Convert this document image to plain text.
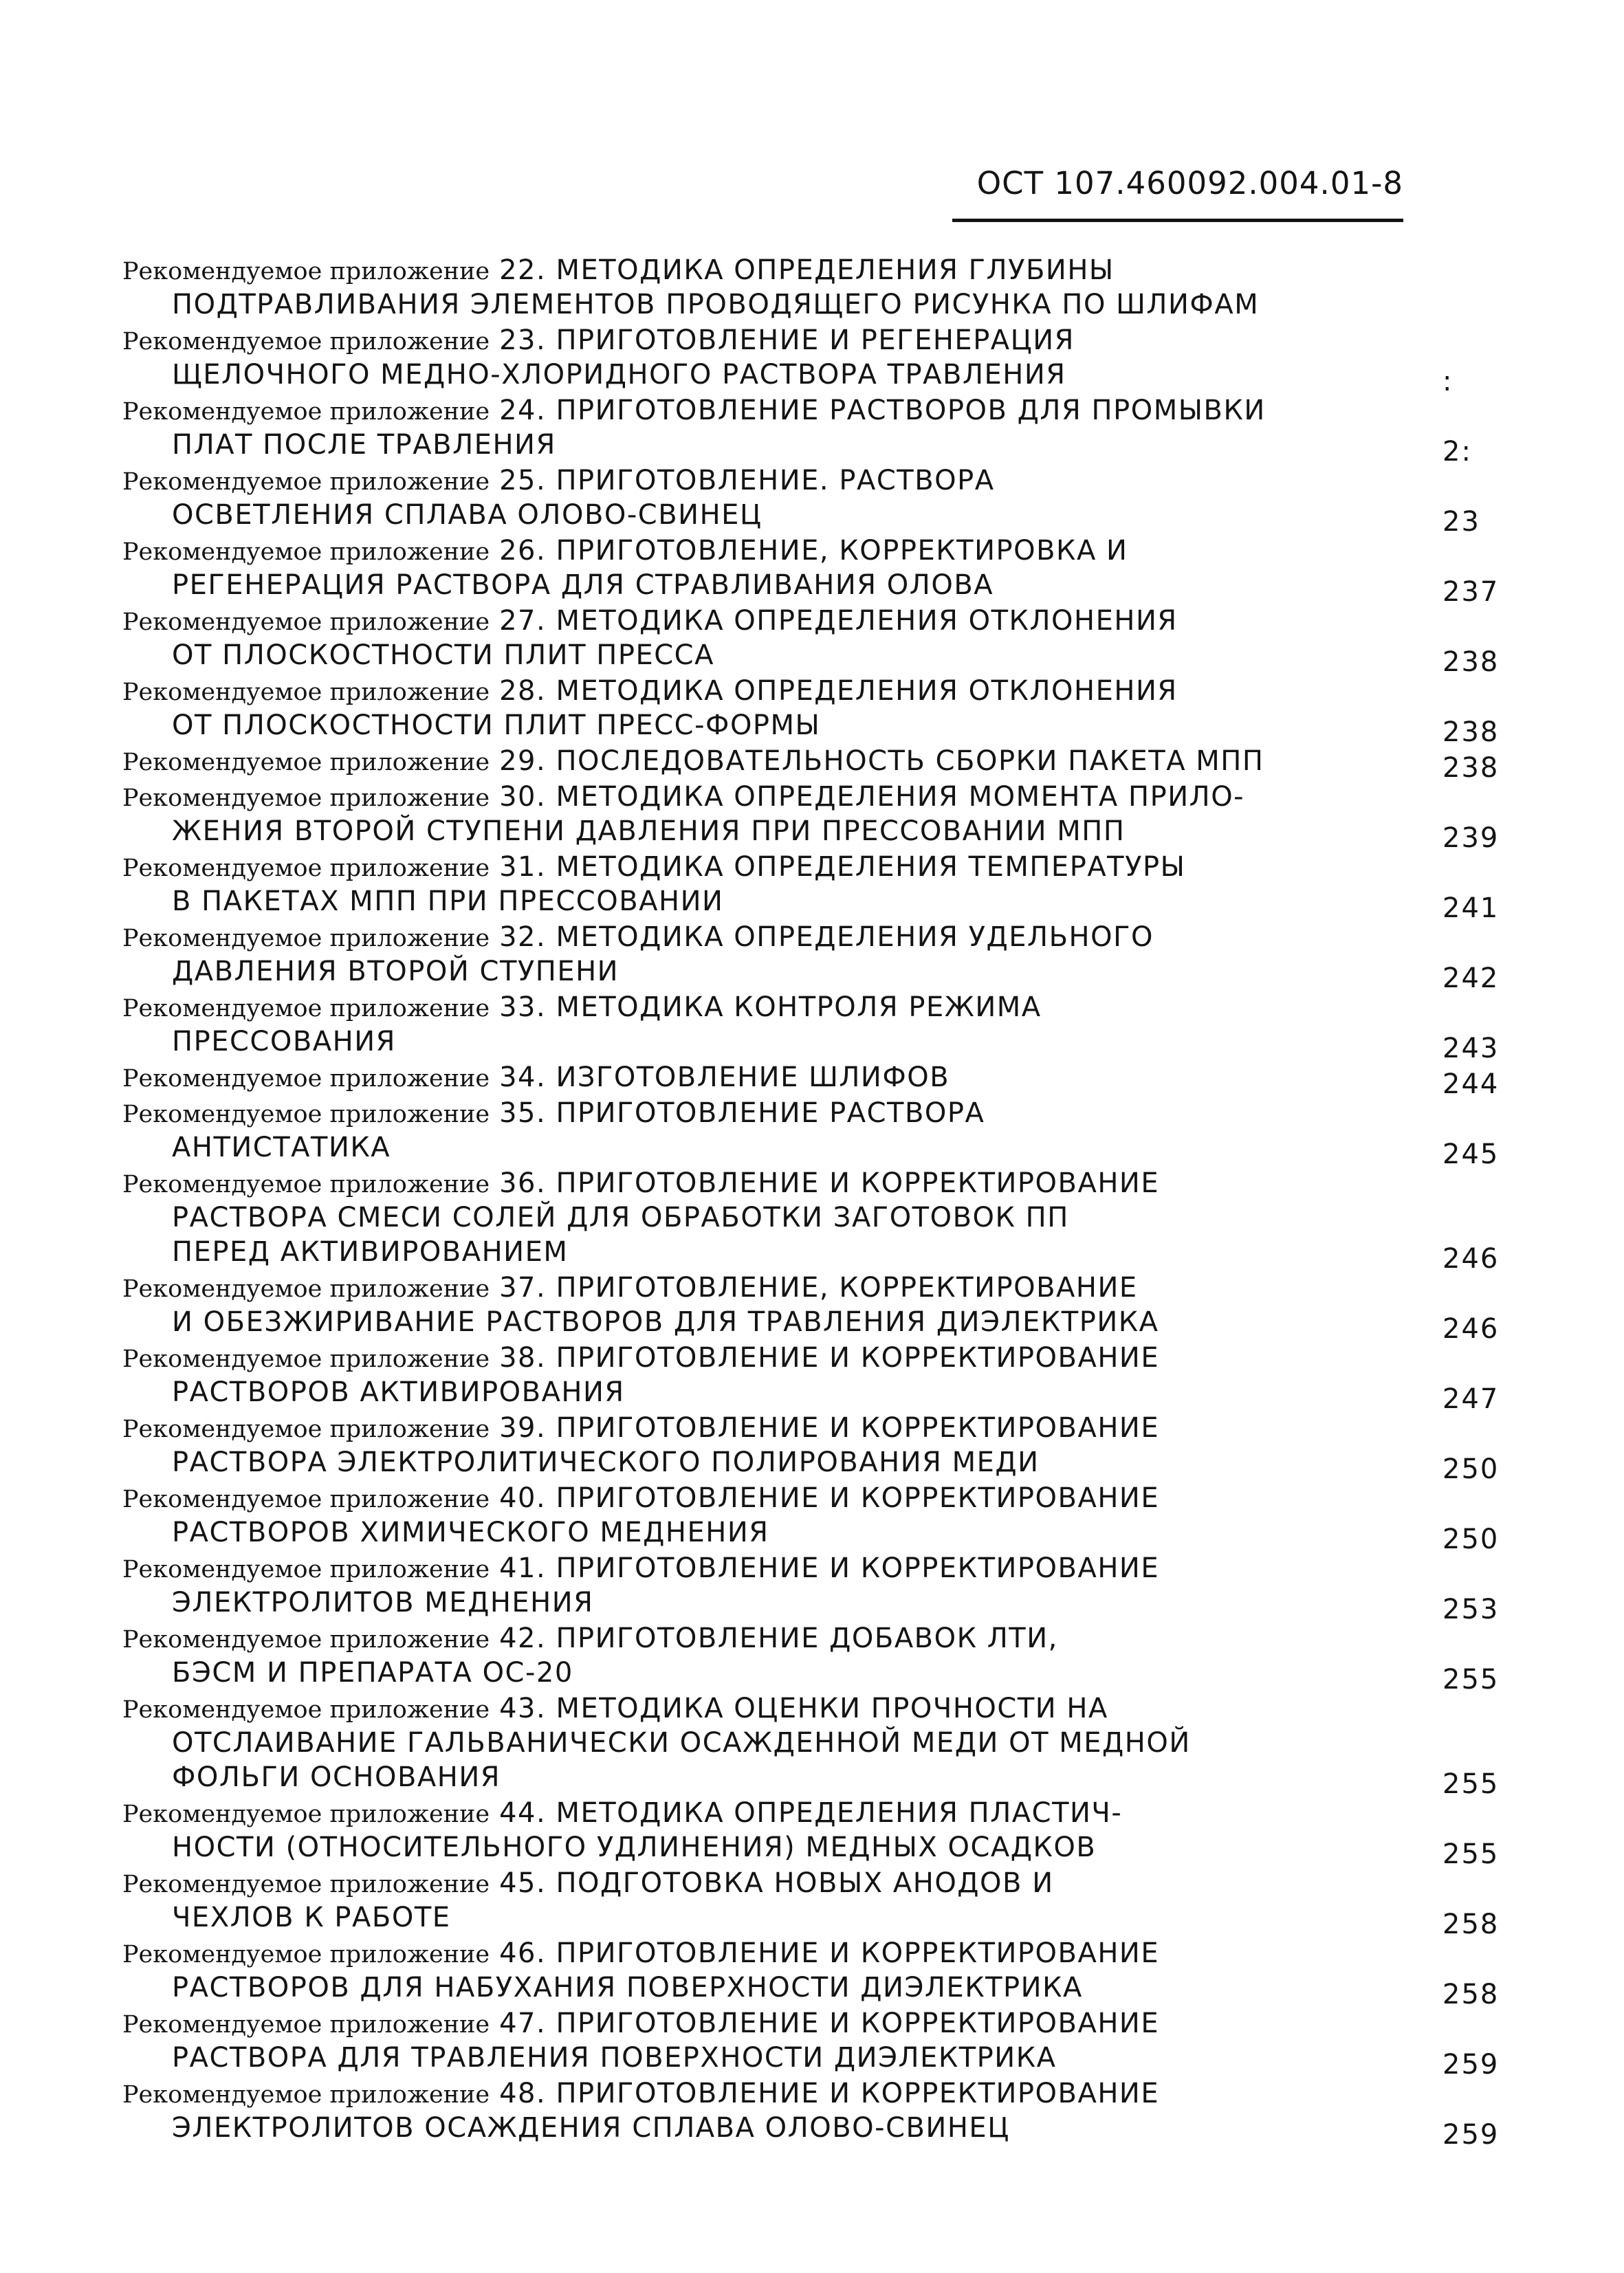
ОСТ 107.460092.004.01-8
Рекомендуемое приложение 22. МЕТОДИКА ОПРЕДЕЛЕНИЯ ГЛУБИНЫ
ПОДТРАВЛИВАНИЯ ЭЛЕМЕНТОВ ПРОВОДЯЩЕГО РИСУНКА ПО ШЛИФАМ
Рекомендуемое приложение 23. ПРИГОТОВЛЕНИЕ И РЕГЕНЕРАЦИЯ
ЩЕЛОЧНОГО МЕДНО-ХЛОРИДНОГО РАСТВОРА ТРАВЛЕНИЯ	:
Рекомендуемое приложение 24. ПРИГОТОВЛЕНИЕ РАСТВОРОВ ДЛЯ ПРОМЫВКИ
ПЛАТ ПОСЛЕ ТРАВЛЕНИЯ	2:
Рекомендуемое приложение 25. ПРИГОТОВЛЕНИЕ. РАСТВОРА
ОСВЕТЛЕНИЯ СПЛАВА ОЛОВО-СВИНЕЦ	23
Рекомендуемое приложение 26. ПРИГОТОВЛЕНИЕ, КОРРЕКТИРОВКА И
РЕГЕНЕРАЦИЯ РАСТВОРА ДЛЯ СТРАВЛИВАНИЯ ОЛОВА	237
Рекомендуемое приложение 27. МЕТОДИКА ОПРЕДЕЛЕНИЯ ОТКЛОНЕНИЯ
ОТ ПЛОСКОСТНОСТИ ПЛИТ ПРЕССА	238
Рекомендуемое приложение 28. МЕТОДИКА ОПРЕДЕЛЕНИЯ ОТКЛОНЕНИЯ
ОТ ПЛОСКОСТНОСТИ ПЛИТ ПРЕСС-ФОРМЫ	238
Рекомендуемое приложение 29. ПОСЛЕДОВАТЕЛЬНОСТЬ СБОРКИ ПАКЕТА МПП	238
Рекомендуемое приложение 30. МЕТОДИКА ОПРЕДЕЛЕНИЯ МОМЕНТА ПРИЛО-
ЖЕНИЯ ВТОРОЙ СТУПЕНИ ДАВЛЕНИЯ ПРИ ПРЕССОВАНИИ МПП	239
Рекомендуемое приложение 31. МЕТОДИКА ОПРЕДЕЛЕНИЯ ТЕМПЕРАТУРЫ
В ПАКЕТАХ МПП ПРИ ПРЕССОВАНИИ	241
Рекомендуемое приложение 32. МЕТОДИКА ОПРЕДЕЛЕНИЯ УДЕЛЬНОГО
ДАВЛЕНИЯ ВТОРОЙ СТУПЕНИ	242
Рекомендуемое приложение 33. МЕТОДИКА КОНТРОЛЯ РЕЖИМА
ПРЕССОВАНИЯ	243
Рекомендуемое приложение 34. ИЗГОТОВЛЕНИЕ ШЛИФОВ	244
Рекомендуемое приложение 35. ПРИГОТОВЛЕНИЕ РАСТВОРА
АНТИСТАТИКА	245
Рекомендуемое приложение 36. ПРИГОТОВЛЕНИЕ И КОРРЕКТИРОВАНИЕ
РАСТВОРА СМЕСИ СОЛЕЙ ДЛЯ ОБРАБОТКИ ЗАГОТОВОК ПП
ПЕРЕД АКТИВИРОВАНИЕМ	246
Рекомендуемое приложение 37. ПРИГОТОВЛЕНИЕ, КОРРЕКТИРОВАНИЕ
И ОБЕЗЖИРИВАНИЕ РАСТВОРОВ ДЛЯ ТРАВЛЕНИЯ ДИЭЛЕКТРИКА	246
Рекомендуемое приложение 38. ПРИГОТОВЛЕНИЕ И КОРРЕКТИРОВАНИЕ
РАСТВОРОВ АКТИВИРОВАНИЯ	247
Рекомендуемое приложение 39. ПРИГОТОВЛЕНИЕ И КОРРЕКТИРОВАНИЕ
РАСТВОРА ЭЛЕКТРОЛИТИЧЕСКОГО ПОЛИРОВАНИЯ МЕДИ	250
Рекомендуемое приложение 40. ПРИГОТОВЛЕНИЕ И КОРРЕКТИРОВАНИЕ
РАСТВОРОВ ХИМИЧЕСКОГО МЕДНЕНИЯ	250
Рекомендуемое приложение 41. ПРИГОТОВЛЕНИЕ И КОРРЕКТИРОВАНИЕ
ЭЛЕКТРОЛИТОВ МЕДНЕНИЯ	253
Рекомендуемое приложение 42. ПРИГОТОВЛЕНИЕ ДОБАВОК ЛТИ,
БЭСМ И ПРЕПАРАТА ОС-20	255
Рекомендуемое приложение 43. МЕТОДИКА ОЦЕНКИ ПРОЧНОСТИ НА
ОТСЛАИВАНИЕ ГАЛЬВАНИЧЕСКИ ОСАЖДЕННОЙ МЕДИ ОТ МЕДНОЙ
ФОЛЬГИ ОСНОВАНИЯ	255
Рекомендуемое приложение 44. МЕТОДИКА ОПРЕДЕЛЕНИЯ ПЛАСТИЧ-
НОСТИ (ОТНОСИТЕЛЬНОГО УДЛИНЕНИЯ) МЕДНЫХ ОСАДКОВ	255
Рекомендуемое приложение 45. ПОДГОТОВКА НОВЫХ АНОДОВ И
ЧЕХЛОВ К РАБОТЕ	258
Рекомендуемое приложение 46. ПРИГОТОВЛЕНИЕ И КОРРЕКТИРОВАНИЕ
РАСТВОРОВ ДЛЯ НАБУХАНИЯ ПОВЕРХНОСТИ ДИЭЛЕКТРИКА	258
Рекомендуемое приложение 47. ПРИГОТОВЛЕНИЕ И КОРРЕКТИРОВАНИЕ
РАСТВОРА ДЛЯ ТРАВЛЕНИЯ ПОВЕРХНОСТИ ДИЭЛЕКТРИКА	259
Рекомендуемое приложение 48. ПРИГОТОВЛЕНИЕ И КОРРЕКТИРОВАНИЕ
ЭЛЕКТРОЛИТОВ ОСАЖДЕНИЯ СПЛАВА ОЛОВО-СВИНЕЦ	259
